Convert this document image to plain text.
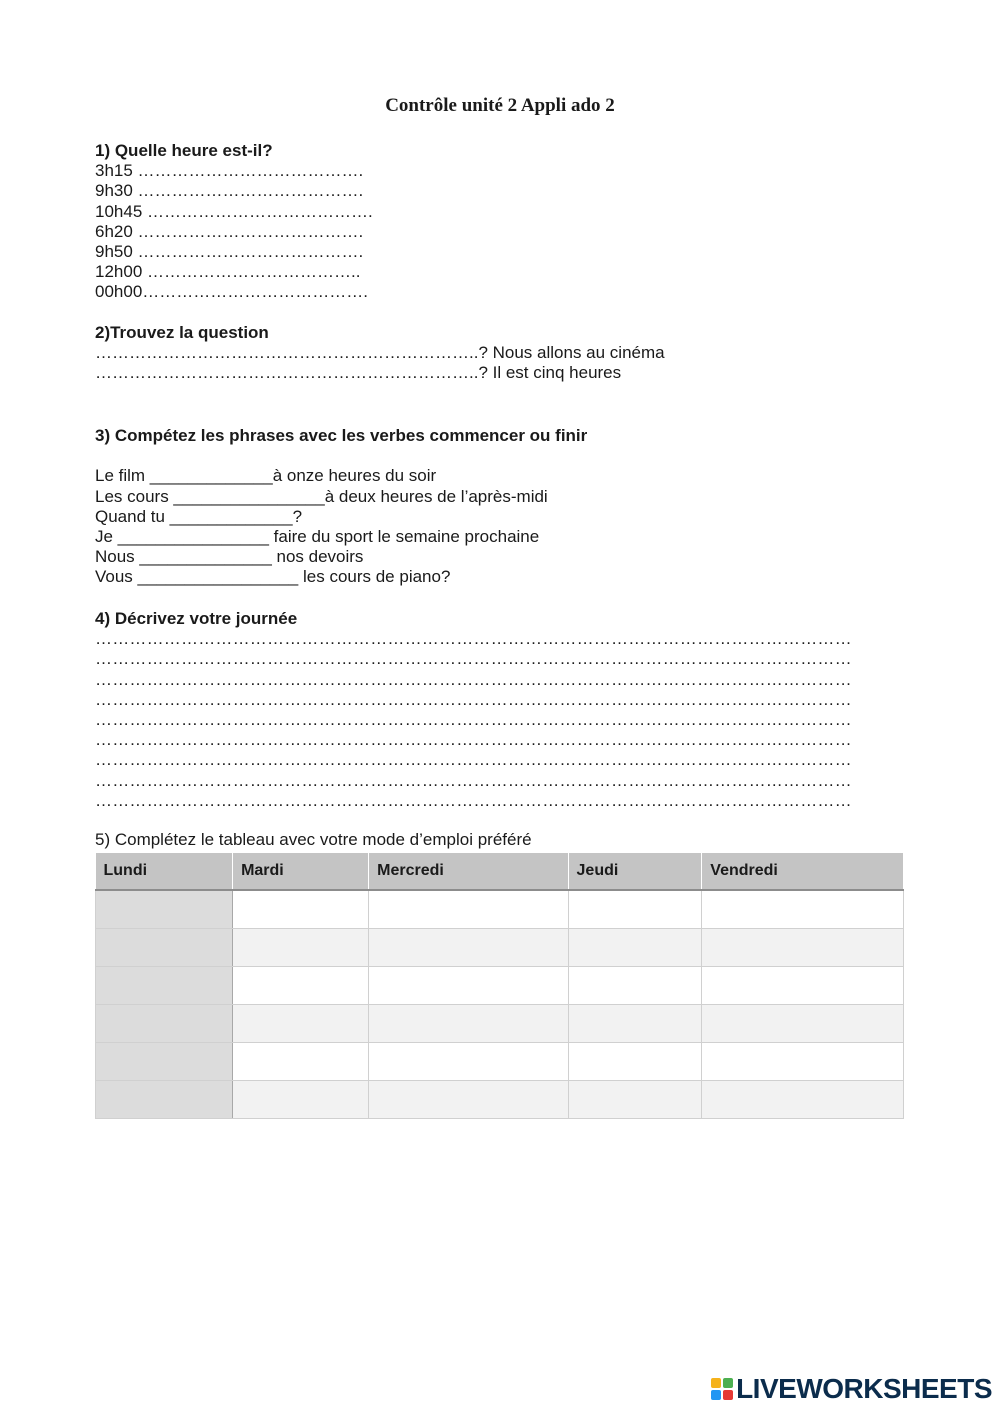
Contrôle unité 2 Appli ado 2
1) Quelle heure est-il?
3h15 ………………………………….
9h30 ………………………………….
10h45 ………………………………….
6h20 ………………………………….
9h50 ………………………………….
12h00 ………………………………..
00h00………………………………….
2)Trouvez la question
…………………………………………………………..? Nous allons au cinéma
…………………………………………………………..? Il est cinq heures
3) Compétez les phrases avec les verbes commencer ou finir
Le film _____________à onze heures du soir
Les cours ________________à deux heures de l’après-midi
Quand tu _____________?
Je ________________ faire du sport le semaine prochaine
Nous ______________ nos devoirs
Vous _________________ les cours de piano?
4) Décrivez votre journée
……………………………………………………………………………………………………………………
……………………………………………………………………………………………………………………
……………………………………………………………………………………………………………………
……………………………………………………………………………………………………………………
……………………………………………………………………………………………………………………
……………………………………………………………………………………………………………………
……………………………………………………………………………………………………………………
……………………………………………………………………………………………………………………
……………………………………………………………………………………………………………………
5) Complétez le tableau avec votre mode d’emploi préféré
Lundi	Mardi	Mercredi	Jeudi	Vendredi

LIVEWORKSHEETS
